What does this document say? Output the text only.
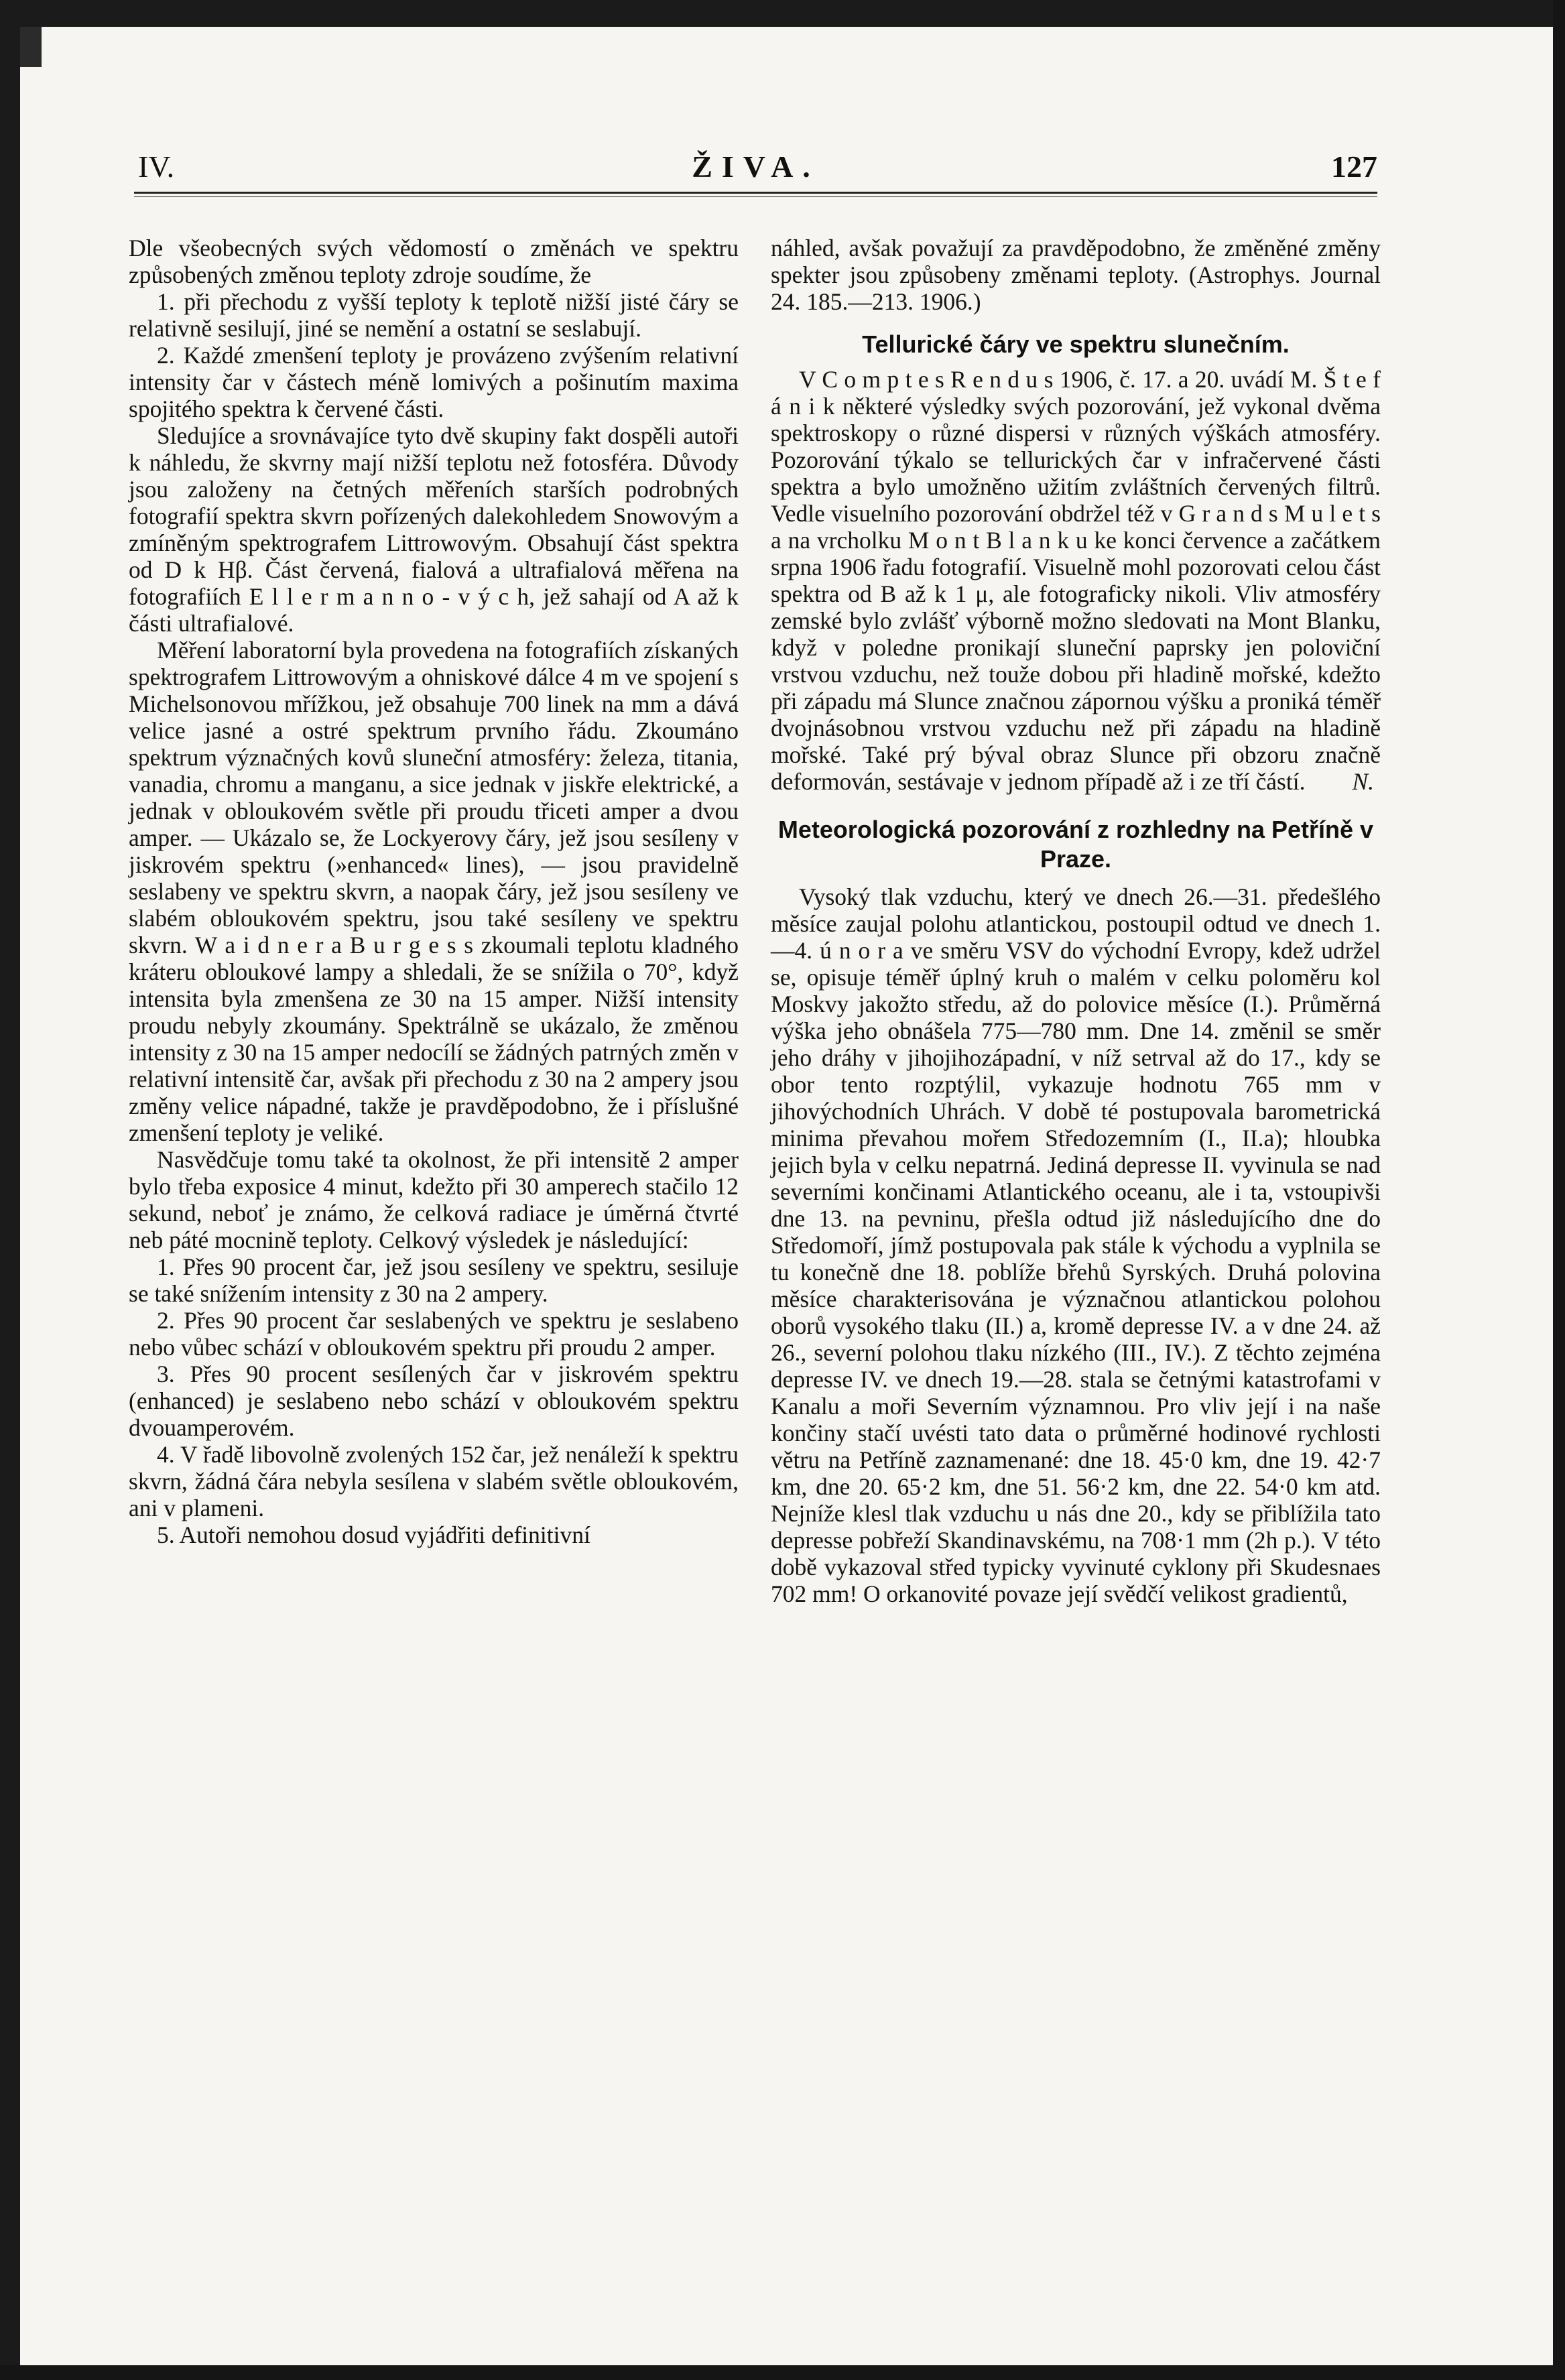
IV.	ŽIVA.	127

Dle všeobecných svých vědomostí o změnách ve spektru způsobených změnou teploty zdroje soudíme, že

1. při přechodu z vyšší teploty k teplotě nižší jisté čáry se relativně sesilují, jiné se nemění a ostatní se seslabují.

2. Každé zmenšení teploty je provázeno zvýšením relativní intensity čar v částech méně lomivých a pošinutím maxima spojitého spektra k červené části.

Sledujíce a srovnávajíce tyto dvě skupiny fakt dospěli autoři k náhledu, že skvrny mají nižší teplotu než fotosféra. Důvody jsou založeny na četných měřeních starších podrobných fotografií spektra skvrn pořízených dalekohledem Snowovým a zmíněným spektrografem Littrowovým. Obsahují část spektra od D k Hβ. Část červená, fialová a ultrafialová měřena na fotografiích E l l e r m a n n o - v ý c h, jež sahají od A až k části ultrafialové.

Měření laboratorní byla provedena na fotografiích získaných spektrografem Littrowovým a ohniskové dálce 4 m ve spojení s Michelsonovou mřížkou, jež obsahuje 700 linek na mm a dává velice jasné a ostré spektrum prvního řádu. Zkoumáno spektrum význačných kovů sluneční atmosféry: železa, titania, vanadia, chromu a manganu, a sice jednak v jiskře elektrické, a jednak v obloukovém světle při proudu třiceti amper a dvou amper. — Ukázalo se, že Lockyerovy čáry, jež jsou sesíleny v jiskrovém spektru (»enhanced« lines), — jsou pravidelně seslabeny ve spektru skvrn, a naopak čáry, jež jsou sesíleny ve slabém obloukovém spektru, jsou také sesíleny ve spektru skvrn. W a i d n e r a B u r g e s s zkoumali teplotu kladného kráteru obloukové lampy a shledali, že se snížila o 70°, když intensita byla zmenšena ze 30 na 15 amper. Nižší intensity proudu nebyly zkoumány. Spektrálně se ukázalo, že změnou intensity z 30 na 15 amper nedocílí se žádných patrných změn v relativní intensitě čar, avšak při přechodu z 30 na 2 ampery jsou změny velice nápadné, takže je pravděpodobno, že i příslušné zmenšení teploty je veliké.

Nasvědčuje tomu také ta okolnost, že při intensitě 2 amper bylo třeba exposice 4 minut, kdežto při 30 amperech stačilo 12 sekund, neboť je známo, že celková radiace je úměrná čtvrté neb páté mocnině teploty. Celkový výsledek je následující:

1. Přes 90 procent čar, jež jsou sesíleny ve spektru, sesiluje se také snížením intensity z 30 na 2 ampery.

2. Přes 90 procent čar seslabených ve spektru je seslabeno nebo vůbec schází v obloukovém spektru při proudu 2 amper.

3. Přes 90 procent sesílených čar v jiskrovém spektru (enhanced) je seslabeno nebo schází v obloukovém spektru dvouamperovém.

4. V řadě libovolně zvolených 152 čar, jež nenáleží k spektru skvrn, žádná čára nebyla sesílena v slabém světle obloukovém, ani v plameni.

5. Autoři nemohou dosud vyjádřiti definitivní

náhled, avšak považují za pravděpodobno, že změněné změny spekter jsou způsobeny změnami teploty. (Astrophys. Journal 24. 185.—213. 1906.)

Tellurické čáry ve spektru slunečním.

V C o m p t e s R e n d u s 1906, č. 17. a 20. uvádí M. Š t e f á n i k některé výsledky svých pozorování, jež vykonal dvěma spektroskopy o různé dispersi v různých výškách atmosféry. Pozorování týkalo se tellurických čar v infračervené části spektra a bylo umožněno užitím zvláštních červených filtrů. Vedle visuelního pozorování obdržel též v G r a n d s M u l e t s a na vrcholku M o n t B l a n k u ke konci července a začátkem srpna 1906 řadu fotografií. Visuelně mohl pozorovati celou část spektra od B až k 1 μ, ale fotograficky nikoli. Vliv atmosféry zemské bylo zvlášť výborně možno sledovati na Mont Blanku, když v poledne pronikají sluneční paprsky jen poloviční vrstvou vzduchu, než touže dobou při hladině mořské, kdežto při západu má Slunce značnou zápornou výšku a proniká téměř dvojnásobnou vrstvou vzduchu než při západu na hladině mořské. Také prý býval obraz Slunce při obzoru značně deformován, sestávaje v jednom případě až i ze tří částí.	N.

Meteorologická pozorování z rozhledny na Petříně v Praze.

Vysoký tlak vzduchu, který ve dnech 26.—31. předešlého měsíce zaujal polohu atlantickou, postoupil odtud ve dnech 1.—4. ú n o r a ve směru VSV do východní Evropy, kdež udržel se, opisuje téměř úplný kruh o malém v celku poloměru kol Moskvy jakožto středu, až do polovice měsíce (I.). Průměrná výška jeho obnášela 775—780 mm. Dne 14. změnil se směr jeho dráhy v jihojihozápadní, v níž setrval až do 17., kdy se obor tento rozptýlil, vykazuje hodnotu 765 mm v jihovýchodních Uhrách. V době té postupovala barometrická minima převahou mořem Středozemním (I., II.a); hloubka jejich byla v celku nepatrná. Jediná depresse II. vyvinula se nad severními končinami Atlantického oceanu, ale i ta, vstoupivši dne 13. na pevninu, přešla odtud již následujícího dne do Středomoří, jímž postupovala pak stále k východu a vyplnila se tu konečně dne 18. poblíže břehů Syrských. Druhá polovina měsíce charakterisována je význačnou atlantickou polohou oborů vysokého tlaku (II.) a, kromě depresse IV. a v dne 24. až 26., severní polohou tlaku nízkého (III., IV.). Z těchto zejména depresse IV. ve dnech 19.—28. stala se četnými katastrofami v Kanalu a moři Severním významnou. Pro vliv její i na naše končiny stačí uvésti tato data o průměrné hodinové rychlosti větru na Petříně zaznamenané: dne 18. 45·0 km, dne 19. 42·7 km, dne 20. 65·2 km, dne 51. 56·2 km, dne 22. 54·0 km atd. Nejníže klesl tlak vzduchu u nás dne 20., kdy se přiblížila tato depresse pobřeží Skandinavskému, na 708·1 mm (2h p.). V této době vykazoval střed typicky vyvinuté cyklony při Skudesnaes 702 mm! O orkanovité povaze její svědčí velikost gradientů,
